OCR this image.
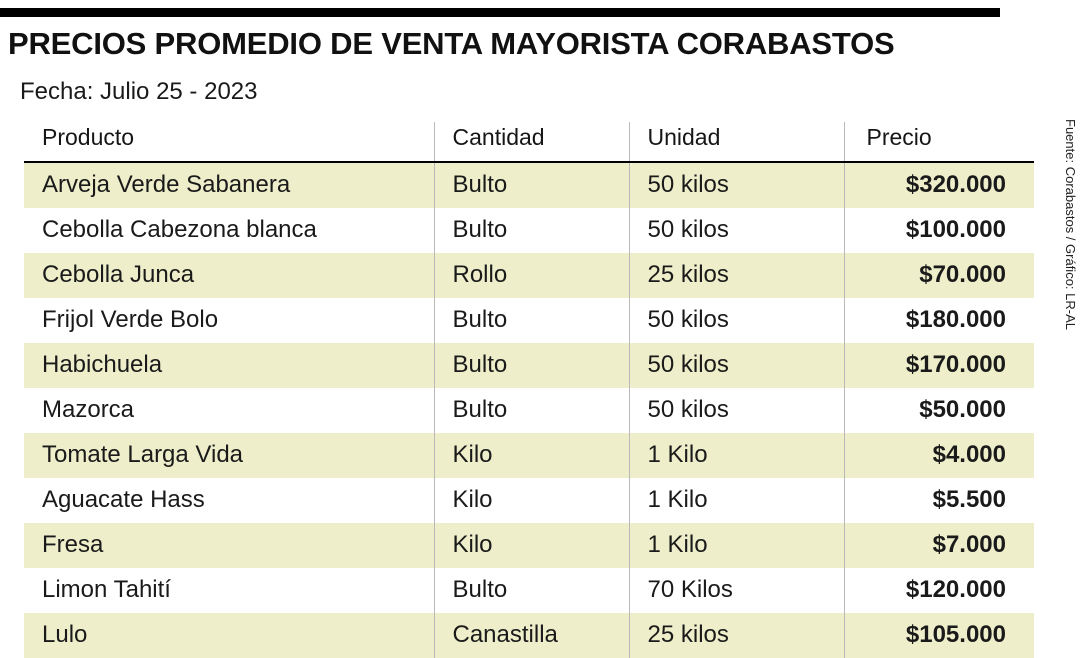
PRECIOS PROMEDIO DE VENTA MAYORISTA CORABASTOS
Fecha: Julio 25 - 2023
Producto	Cantidad	Unidad	Precio
Arveja Verde Sabanera	Bulto	50 kilos	$320.000
Cebolla Cabezona blanca	Bulto	50 kilos	$100.000
Cebolla Junca	Rollo	25 kilos	$70.000
Frijol Verde Bolo	Bulto	50 kilos	$180.000
Habichuela	Bulto	50 kilos	$170.000
Mazorca	Bulto	50 kilos	$50.000
Tomate Larga Vida	Kilo	1 Kilo	$4.000
Aguacate Hass	Kilo	1 Kilo	$5.500
Fresa	Kilo	1 Kilo	$7.000
Limon Tahití	Bulto	70 Kilos	$120.000
Lulo	Canastilla	25 kilos	$105.000
Fuente: Corabastos / Gráfico: LR-AL
